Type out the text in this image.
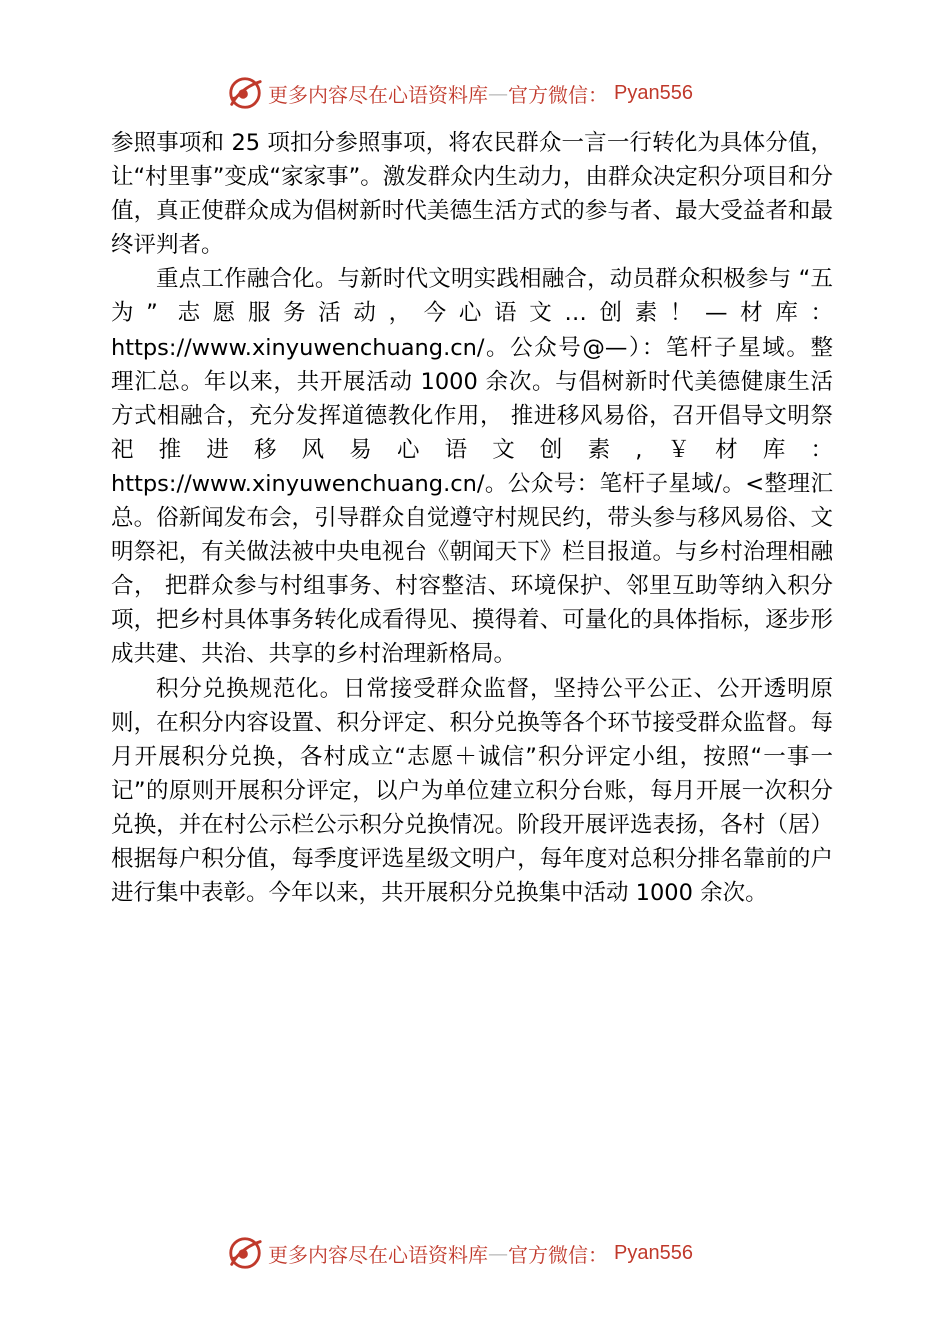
更多内容尽在心语资料库 — 官方微信： Pyan556

参照事项和 25 项扣分参照事项，将农民群众一言一行转化为具体分值，让“村里事”变成“家家事”。激发群众内生动力，由群众决定积分项目和分值，真正使群众成为倡树新时代美德生活方式的参与者、最大受益者和最终评判者。

重点工作融合化。与新时代文明实践相融合，动员群众积极参与 “五为” 志愿服务活动，今心语文…创素！—材库：https://www.xinyuwenchuang.cn/。公众号@—）：笔杆子星域。整理汇总。年以来，共开展活动 1000 余次。与倡树新时代美德健康生活方式相融合，充分发挥道德教化作用， 推进移风易俗，召开倡导文明祭祀推进移风易心语文创素,￥材库：https://www.xinyuwenchuang.cn/。公众号：笔杆子星域/。<整理汇总。俗新闻发布会，引导群众自觉遵守村规民约，带头参与移风易俗、文明祭祀，有关做法被中央电视台《朝闻天下》栏目报道。与乡村治理相融合， 把群众参与村组事务、村容整洁、环境保护、邻里互助等纳入积分项，把乡村具体事务转化成看得见、摸得着、可量化的具体指标，逐步形成共建、共治、共享的乡村治理新格局。

积分兑换规范化。日常接受群众监督，坚持公平公正、公开透明原则，在积分内容设置、积分评定、积分兑换等各个环节接受群众监督。每月开展积分兑换，各村成立“志愿＋诚信”积分评定小组，按照“一事一记”的原则开展积分评定，以户为单位建立积分台账，每月开展一次积分兑换，并在村公示栏公示积分兑换情况。阶段开展评选表扬，各村（居）根据每户积分值，每季度评选星级文明户，每年度对总积分排名靠前的户进行集中表彰。今年以来，共开展积分兑换集中活动 1000 余次。

更多内容尽在心语资料库 — 官方微信： Pyan556
